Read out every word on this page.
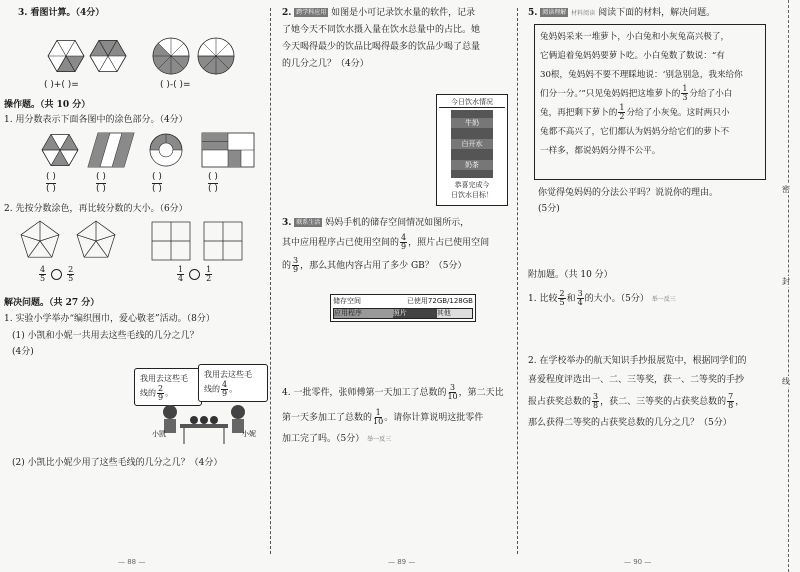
3. 看图计算。（4分）
( )+( )=	( )-( )=
操作题。（共 10 分）
1. 用分数表示下面各图中的涂色部分。（4分）
( )
( )
( )
( )
( )
( )
( )
( )
2. 先按分数涂色，再比较分数的大小。（6分）
$\frac{4}{5}$	$\frac{2}{5}$	$\frac{1}{4}$	$\frac{1}{2}$
解决问题。（共 27 分）
1. 实验小学举办“编织围巾，爱心敬老”活动。（8分）
(1) 小凯和小妮一共用去这些毛线的几分之几？
(4分)
我用去这些毛
线的 $\frac{2}{9}$ 。
我用去这些毛
线的 $\frac{4}{9}$ 。
小凯	小妮
(2) 小凯比小妮少用了这些毛线的几分之几？（4分）
— 88 —
2. 跨学科应用 如图是小可记录饮水量的软件，记录
了她今天不同饮水摄入量在饮水总量中的占比。她
今天喝得最少的饮品比喝得最多的饮品少喝了总量
的几分之几？（4分）
今日饮水情况
牛奶
白开水
奶茶
恭喜完成今
日饮水目标！
3. 联系生活 妈妈手机的储存空间情况如图所示，
其中应用程序占已使用空间的 $\frac{4}{9}$ ，照片占已使用空间
的 $\frac{3}{9}$ ，那么其他内容占用了多少 GB？（5分）
储存空间	已使用72GB/128GB
应用程序	照片	其他
4. 一批零件，张师傅第一天加工了总数的 $\frac{3}{10}$ ，第二天比
第一天多加工了总数的 $\frac{1}{10}$ 。请你计算说明这批零件
加工完了吗。（5分） 举一反三
— 89 —
5. 阅读理解 材料阅读 阅读下面的材料，解决问题。
兔妈妈采来一堆萝卜，小白兔和小灰兔高兴极了，
它俩追着兔妈妈要萝卜吃。小白兔数了数说：“有
30根，兔妈妈不要不理睬地说：‘别急别急，我来给你
们分一分。’”只见兔妈妈把这堆萝卜的 $\frac{1}{3}$ 分给了小白
兔，再把剩下萝卜的 $\frac{1}{2}$ 分给了小灰兔。这时两只小
兔都不高兴了，它们都认为妈妈分给它们的萝卜不
一样多，都说妈妈分得不公平。
你觉得兔妈妈的分法公平吗？说说你的理由。
(5分)
附加题。（共 10 分）
1. 比较 $\frac{2}{5}$ 和 $\frac{3}{4}$ 的大小。（5分） 举一反三
2. 在学校举办的航天知识手抄报展览中，根据同学们的
喜爱程度评选出一、二、三等奖，获一、二等奖的手抄
报占获奖总数的 $\frac{3}{8}$ ，获二、三等奖的占获奖总数的 $\frac{7}{8}$ ，
那么获得二等奖的占获奖总数的几分之几？（5分）
— 90 —
密
封
线
